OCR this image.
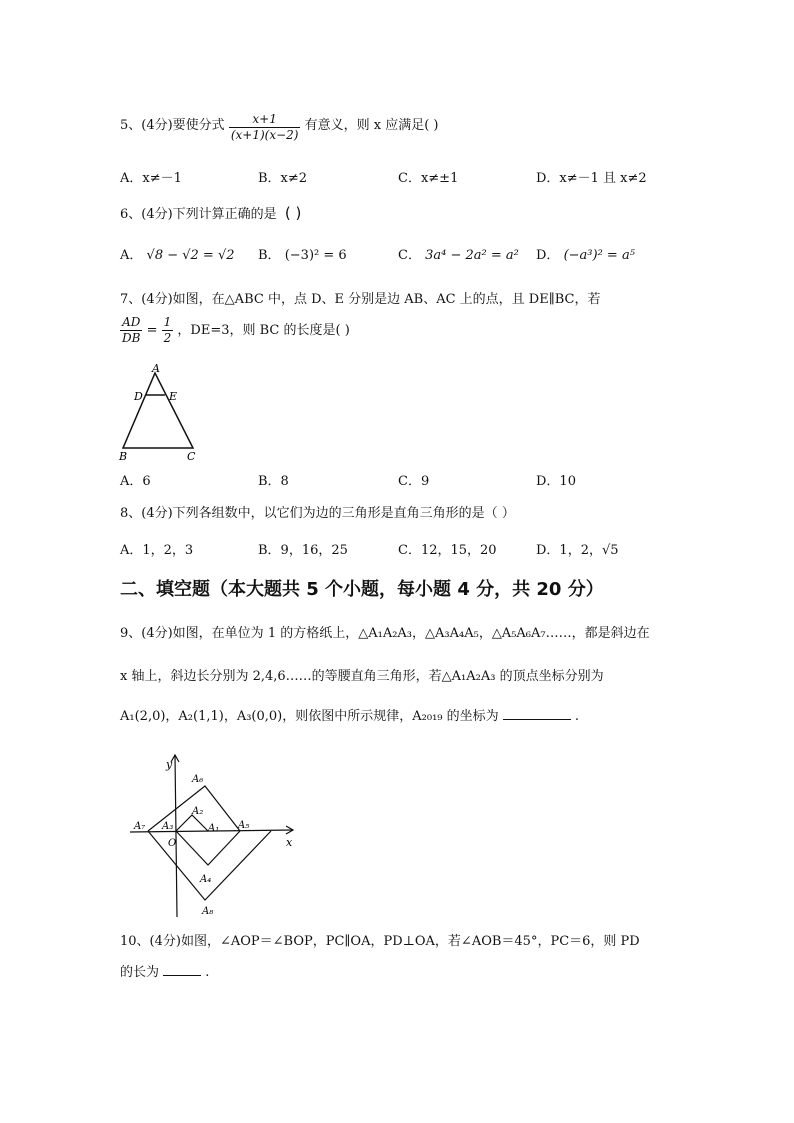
5、(4分)要使分式 $\frac{x+1}{(x+1)(x-2)}$ 有意义，则 x 应满足( )
A．x≠－1	B．x≠2	C．x≠±1	D．x≠－1 且 x≠2
6、(4分)下列计算正确的是 ( )
A． √8 − √2 = √2 B． (−3)² = 6	C． 3a⁴ − 2a² = a² D． (−a³)² = a⁵
7、(4分)如图，在△ABC 中，点 D、E 分别是边 AB、AC 上的点，且 DE∥BC，若
$\frac{AD}{DB} = \frac{1}{2}$ ，DE=3，则 BC 的长度是( )
A
D E
B	C
A．6	B．8	C．9	D．10
8、(4分)下列各组数中，以它们为边的三角形是直角三角形的是（ ）
A．1，2，3	B．9，16，25	C．12，15，20	D．1，2，√5
二、填空题（本大题共 5 个小题，每小题 4 分，共 20 分）
9、(4分)如图，在单位为 1 的方格纸上，△A₁A₂A₃，△A₃A₄A₅，△A₅A₆A₇……，都是斜边在
x 轴上，斜边长分别为 2,4,6……的等腰直角三角形，若△A₁A₂A₃ 的顶点坐标分别为
A₁(2,0)，A₂(1,1)，A₃(0,0)，则依图中所示规律，A₂₀₁₉ 的坐标为	.
y
x
O
A₁
A₂
A₃
A₄
A₅
A₆
A₇
A₈
10、(4分)如图，∠AOP＝∠BOP，PC∥OA，PD⊥OA，若∠AOB＝45°，PC＝6，则 PD
的长为	.
